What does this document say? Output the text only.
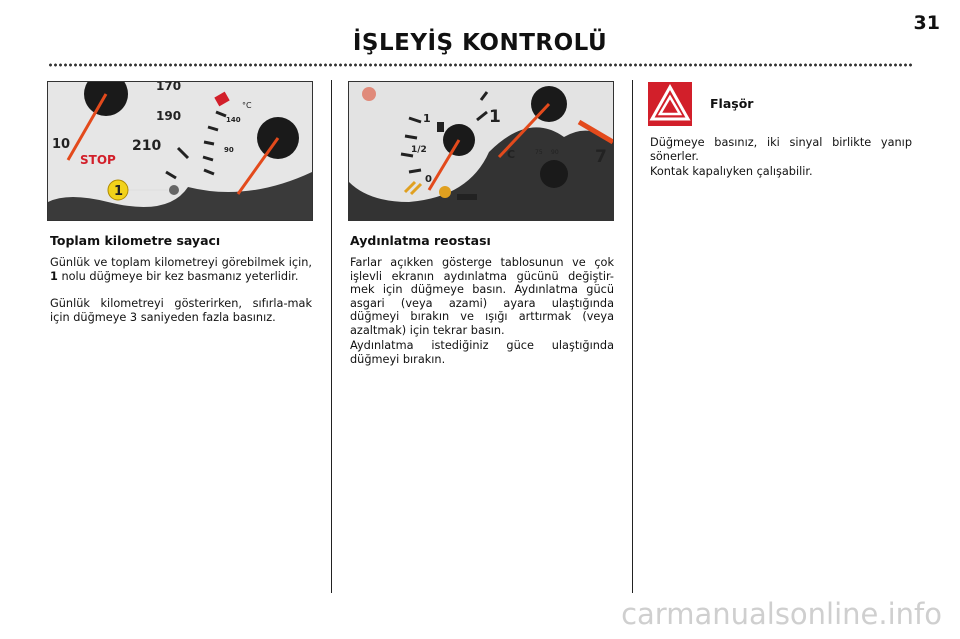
31
İŞLEYİŞ KONTROLÜ
170
190
210
140
90
°C
10
STOP
1
1
1/2
0
1
75 90
C	7
Toplam kilometre sayacı

Günlük ve toplam kilometreyi görebilmek için, 1 nolu düğmeye bir kez basmanız yeterlidir.

Günlük kilometreyi gösterirken, sıfırla-mak için düğmeye 3 saniyeden fazla basınız.

Aydınlatma reostası

Farlar açıkken gösterge tablosunun ve çok işlevli ekranın aydınlatma gücünü değiştir-mek için düğmeye basın. Aydınlatma gücü asgari (veya azami) ayara ulaştığında düğmeyi bırakın ve ışığı arttırmak (veya azaltmak) için tekrar basın.

Aydınlatma istediğiniz güce ulaştığında düğmeyi bırakın.

Flaşör

Düğmeye basınız, iki sinyal birlikte yanıp sönerler.

Kontak kapalıyken çalışabilir.

carmanualsonline.info
